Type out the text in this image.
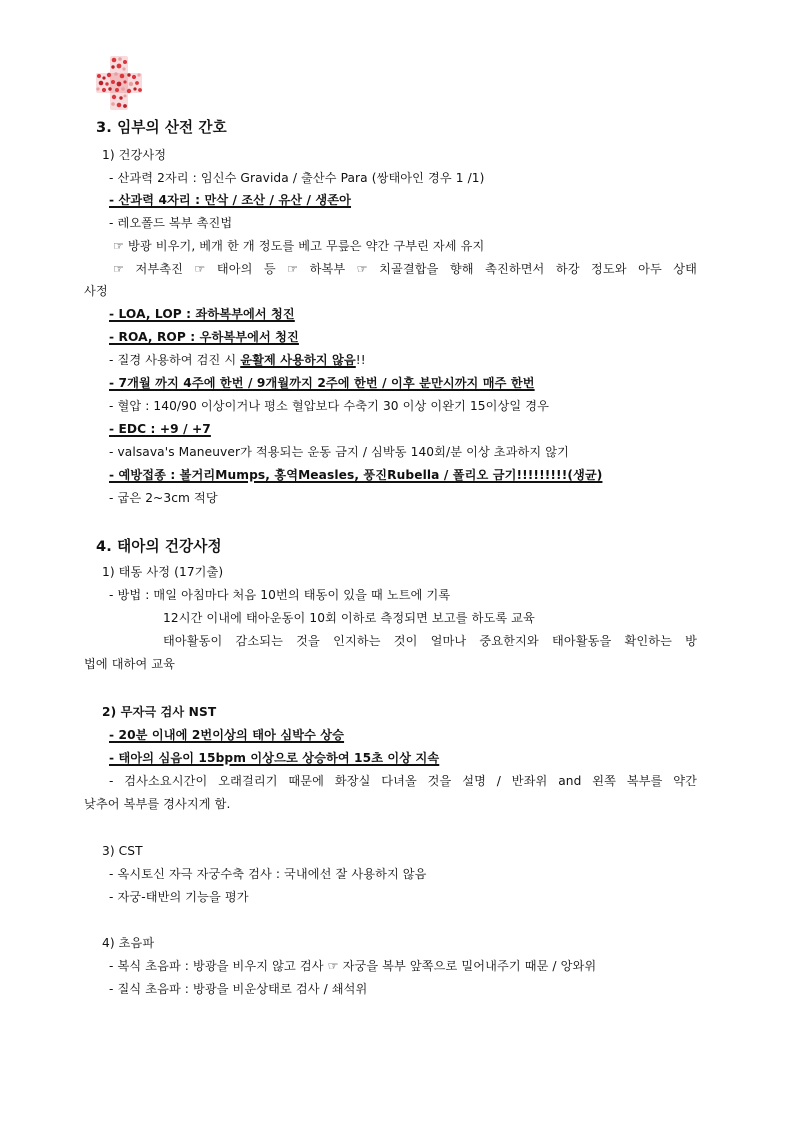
3. 임부의 산전 간호
1) 건강사정
- 산과력 2자리 : 임신수 Gravida / 출산수 Para (쌍태아인 경우 1 /1)
- 산과력 4자리 : 만삭 / 조산 / 유산 / 생존아
- 레오폴드 복부 촉진법
☞ 방광 비우기, 베개 한 개 정도를 베고 무릎은 약간 구부린 자세 유지
☞ 저부촉진 ☞ 태아의 등 ☞ 하복부 ☞ 치골결합을 향해 촉진하면서 하강 정도와 아두 상태
사정
- LOA, LOP : 좌하복부에서 청진
- ROA, ROP : 우하복부에서 청진
- 질경 사용하여 검진 시 윤활제 사용하지 않음!!
- 7개월 까지 4주에 한번 / 9개월까지 2주에 한번 / 이후 분만시까지 매주 한번
- 혈압 : 140/90 이상이거나 평소 혈압보다 수축기 30 이상 이완기 15이상일 경우
- EDC : +9 / +7
- valsava's Maneuver가 적용되는 운동 금지 / 심박동 140회/분 이상 초과하지 않기
- 예방접종 : 볼거리Mumps, 홍역Measles, 풍진Rubella / 폴리오 금기!!!!!!!!!(생균)
- 굽은 2~3cm 적당
4. 태아의 건강사정
1) 태동 사정 (17기출)
- 방법 : 매일 아침마다 처음 10번의 태동이 있을 때 노트에 기록
12시간 이내에 태아운동이 10회 이하로 측정되면 보고를 하도록 교육
태아활동이 감소되는 것을 인지하는 것이 얼마나 중요한지와 태아활동을 확인하는 방
법에 대하여 교육
2) 무자극 검사 NST
- 20분 이내에 2번이상의 태아 심박수 상승
- 태아의 심음이 15bpm 이상으로 상승하여 15초 이상 지속
- 검사소요시간이 오래걸리기 때문에 화장실 다녀올 것을 설명 / 반좌위 and 왼쪽 복부를 약간
낮추어 복부를 경사지게 함.
3) CST
- 옥시토신 자극 자궁수축 검사 : 국내에선 잘 사용하지 않음
- 자궁-태반의 기능을 평가
4) 초음파
- 복식 초음파 : 방광을 비우지 않고 검사 ☞ 자궁을 복부 앞쪽으로 밀어내주기 때문 / 앙와위
- 질식 초음파 : 방광을 비운상태로 검사 / 쇄석위
